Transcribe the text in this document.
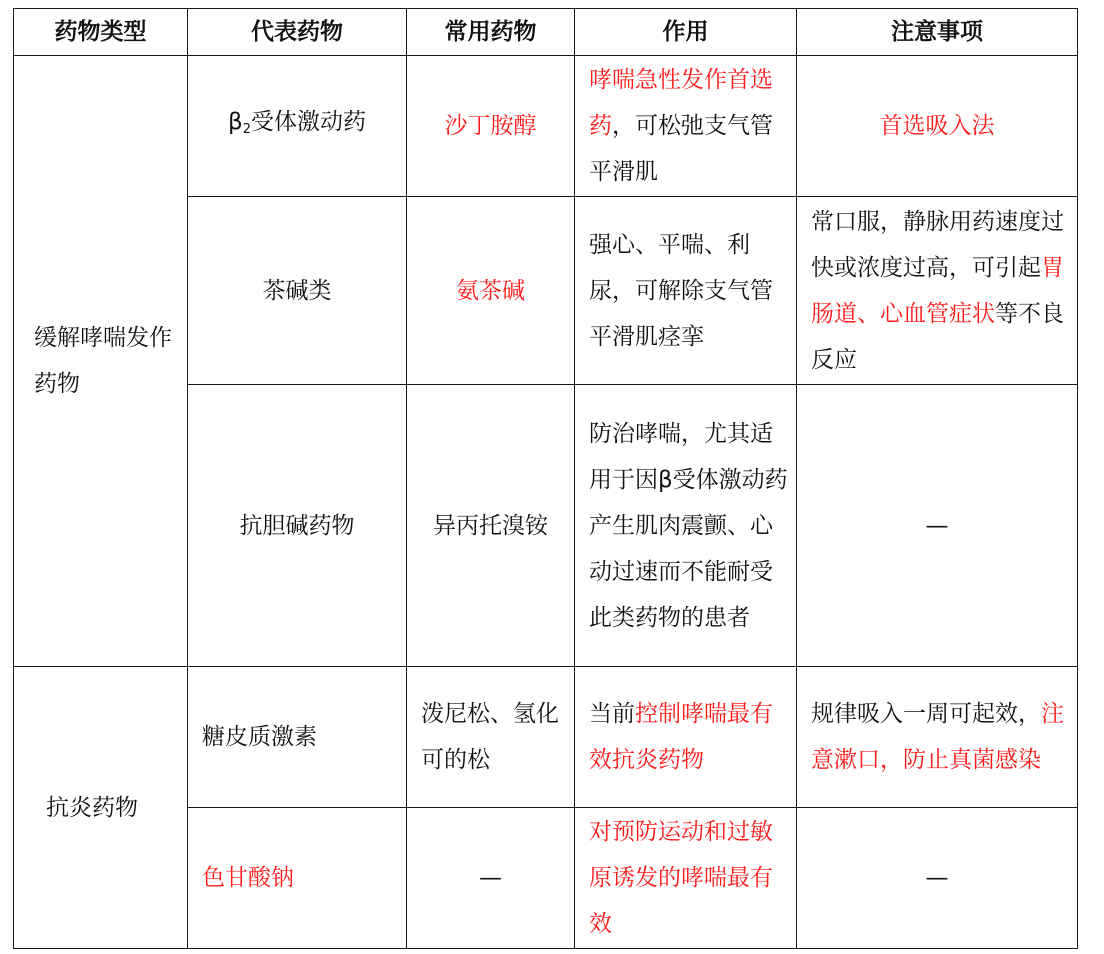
药物类型	代表药物	常用药物	作用	注意事项
缓解哮喘发作药物	$\beta_2$受体激动药	沙丁胺醇	哮喘急性发作首选药，可松弛支气管平滑肌	首选吸入法
	茶碱类	氨茶碱	强心、平喘、利尿，可解除支气管平滑肌痉挛	常口服，静脉用药速度过快或浓度过高，可引起胃肠道、心血管症状等不良反应
	抗胆碱药物	异丙托溴铵	防治哮喘，尤其适用于因β受体激动药产生肌肉震颤、心动过速而不能耐受此类药物的患者	—
抗炎药物	糖皮质激素	泼尼松、氢化可的松	当前控制哮喘最有效抗炎药物	规律吸入一周可起效，注意漱口，防止真菌感染
	色甘酸钠	—	对预防运动和过敏原诱发的哮喘最有效	—
